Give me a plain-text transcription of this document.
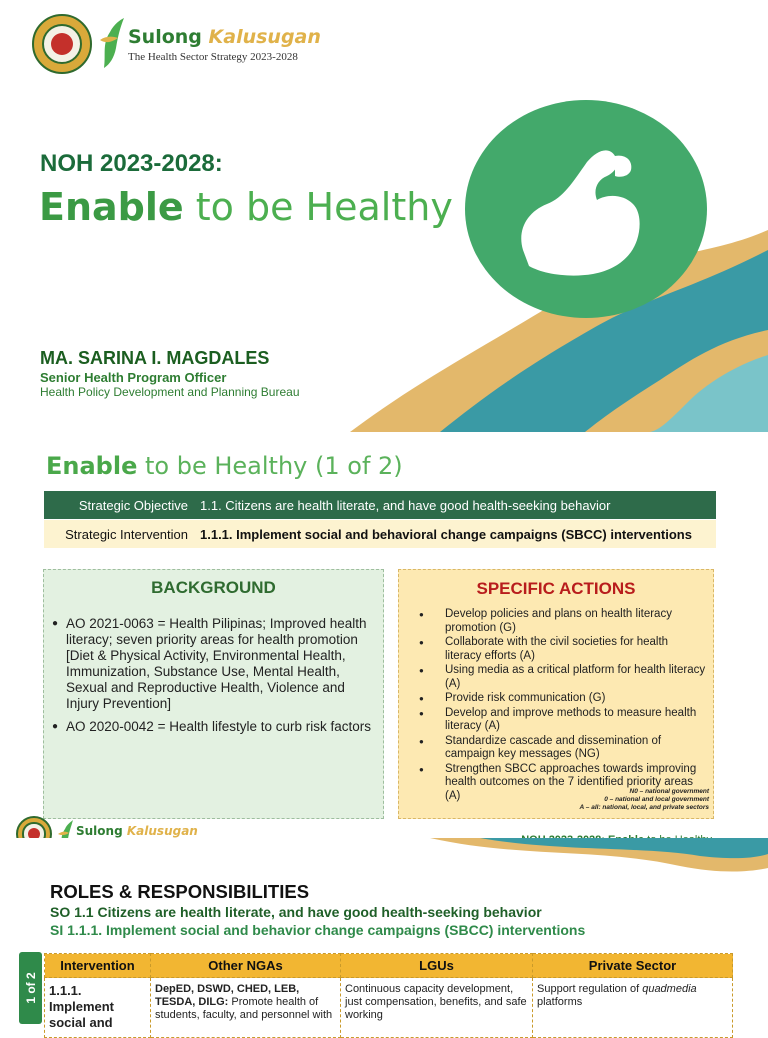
Sulong Kalusugan
The Health Sector Strategy 2023-2028
NOH 2023-2028:
Enable to be Healthy
MA. SARINA I. MAGDALES
Senior Health Program Officer
Health Policy Development and Planning Bureau
Enable to be Healthy (1 of 2)
Strategic Objective 1.1. Citizens are health literate, and have good health-seeking behavior
Strategic Intervention 1.1.1. Implement social and behavioral change campaigns (SBCC) interventions
BACKGROUND
● AO 2021-0063 = Health Pilipinas; Improved health literacy; seven priority areas for health promotion [Diet & Physical Activity, Environmental Health, Immunization, Substance Use, Mental Health, Sexual and Reproductive Health, Violence and Injury Prevention]
● AO 2020-0042 = Health lifestyle to curb risk factors
SPECIFIC ACTIONS
● Develop policies and plans on health literacy promotion (G)
● Collaborate with the civil societies for health literacy efforts (A)
● Using media as a critical platform for health literacy (A)
● Provide risk communication (G)
● Develop and improve methods to measure health literacy (A)
● Standardize cascade and dissemination of campaign key messages (NG)
● Strengthen SBCC approaches towards improving health outcomes on the 7 identified priority areas (A)	N0 – national government
0 – national and local government
A – all: national, local, and private sectors
Sulong Kalusugan
ROLES & RESPONSIBILITIES
SO 1.1 Citizens are health literate, and have good health-seeking behavior
SI 1.1.1. Implement social and behavior change campaigns (SBCC) interventions
1 of 2
Intervention	Other NGAs	LGUs	Private Sector
1.1.1. Implement social and	DepED, DSWD, CHED, LEB, TESDA, DILG: Promote health of students, faculty, and personnel with	Continuous capacity development, just compensation, benefits, and safe working	Support regulation of quadmedia platforms
